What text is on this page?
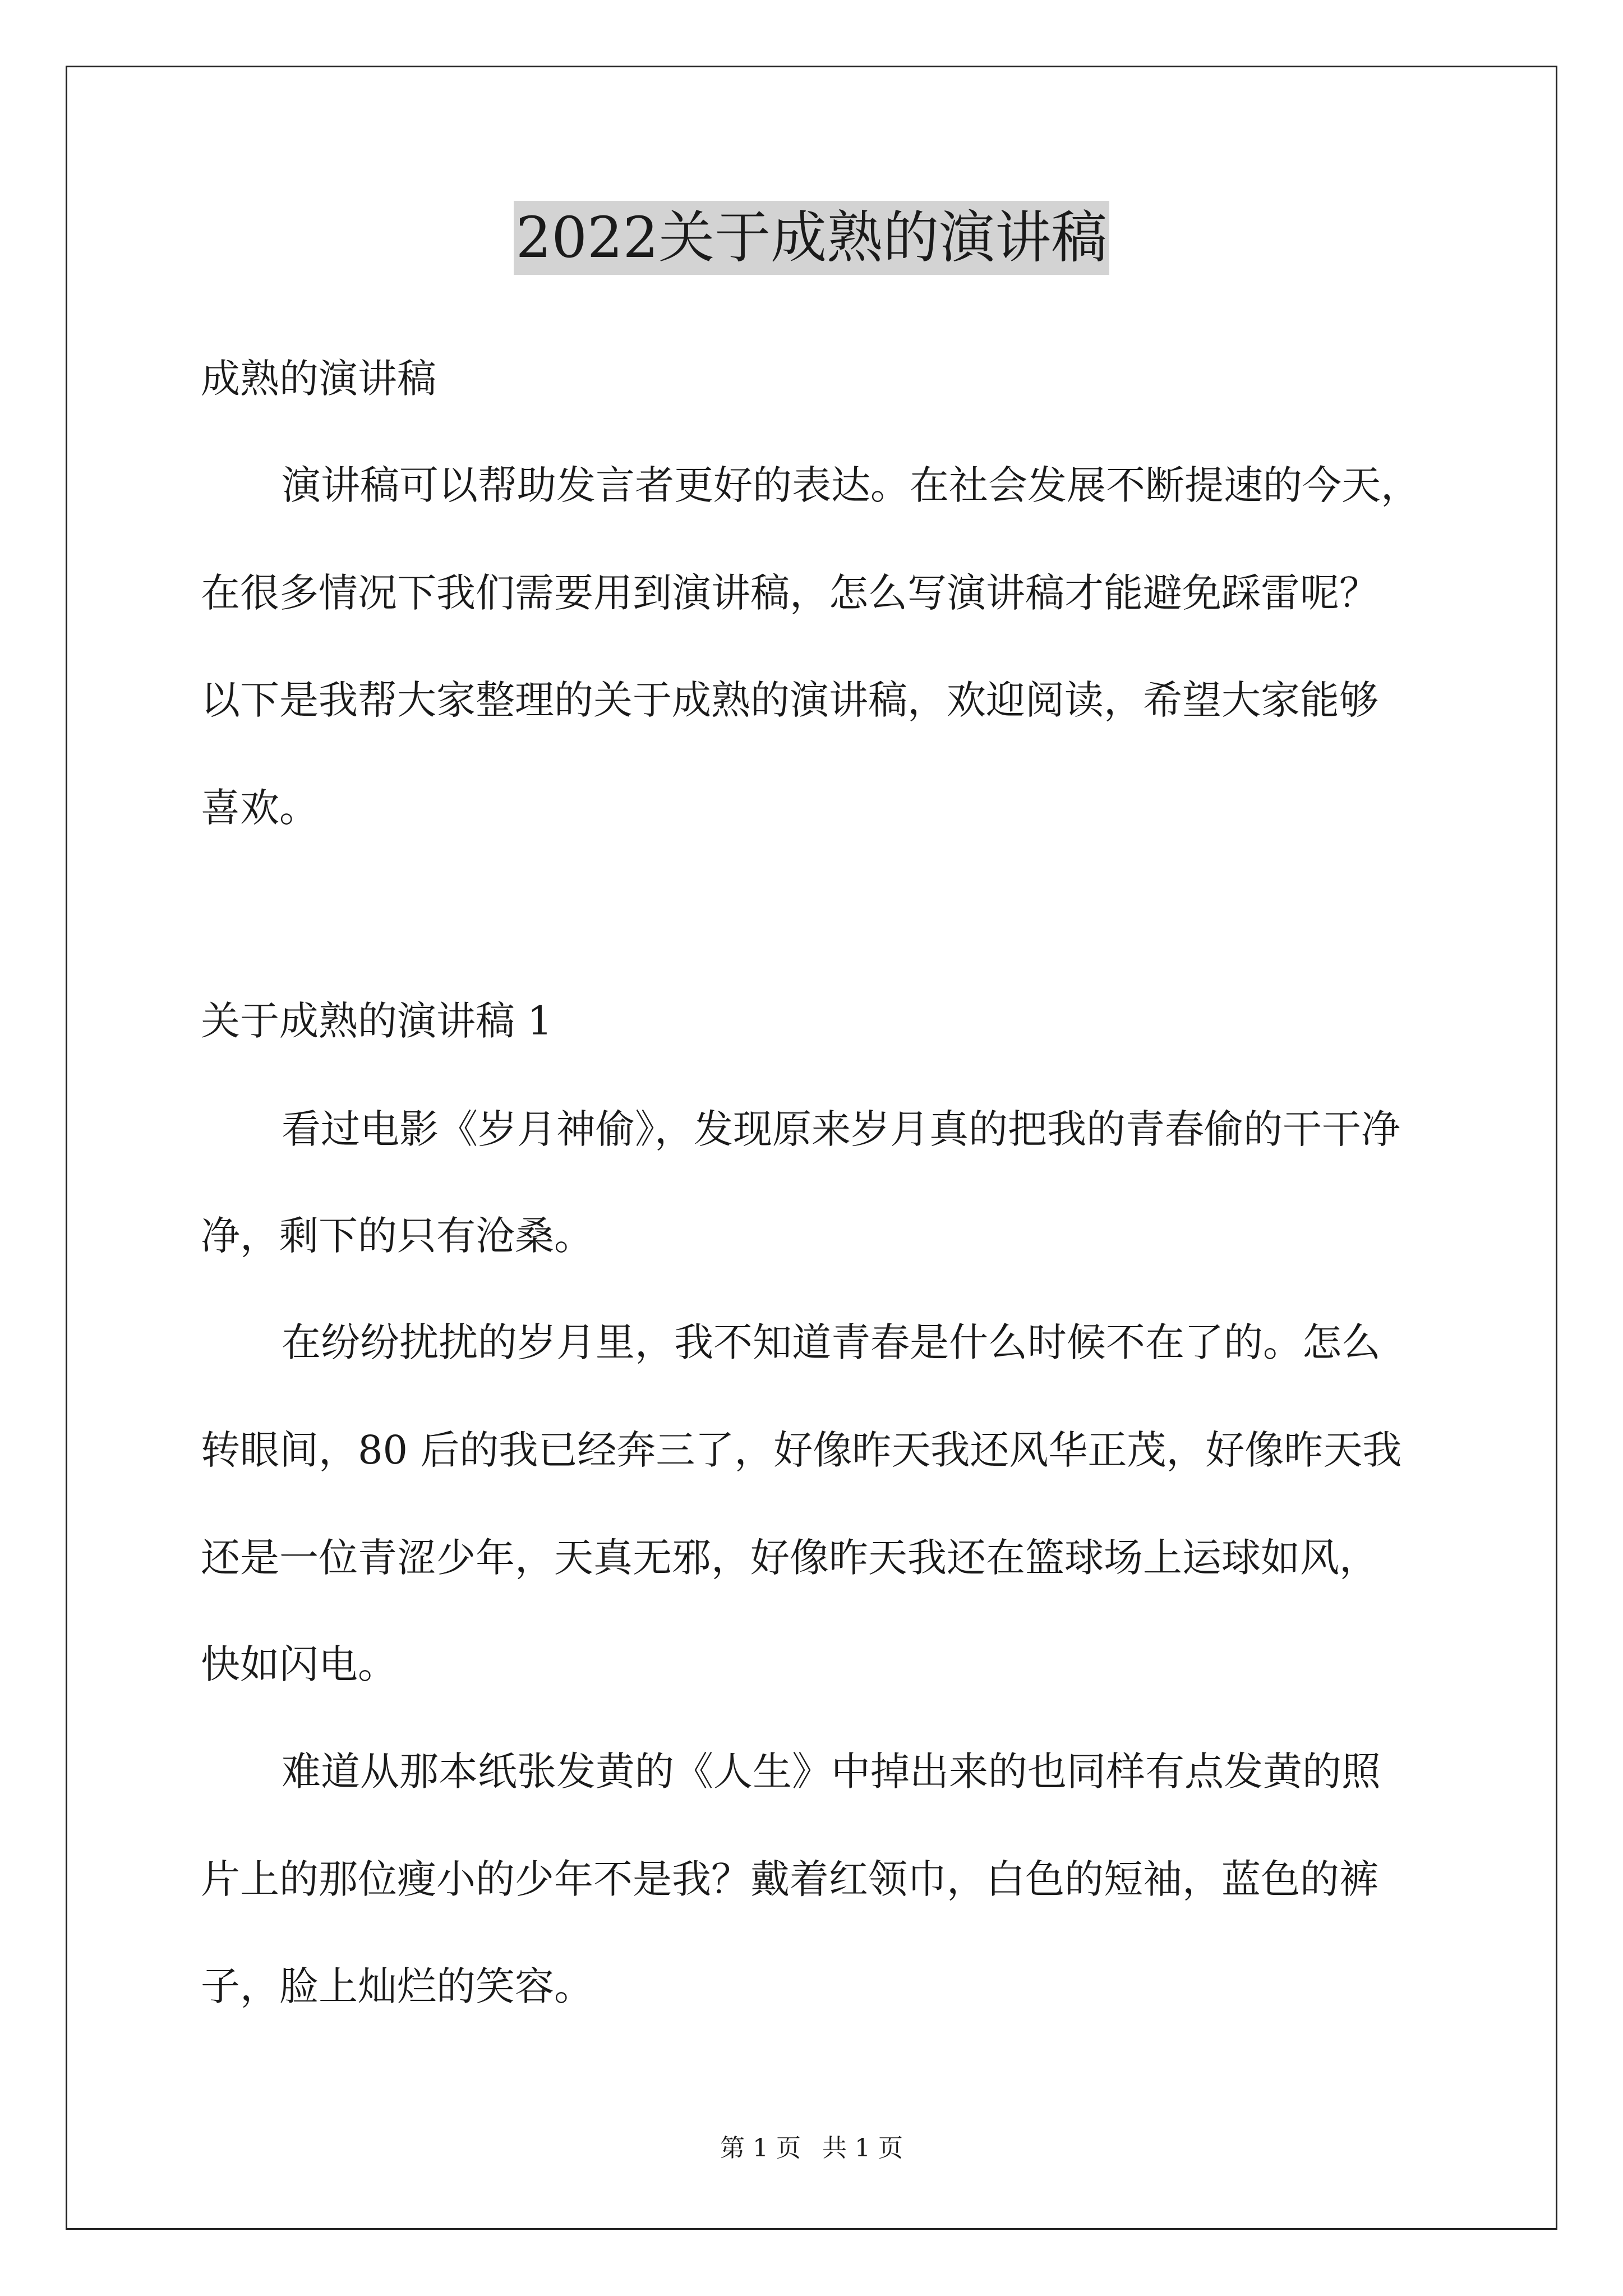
2022关于成熟的演讲稿
成熟的演讲稿
演讲稿可以帮助发言者更好的表达。在社会发展不断提速的今天，
在很多情况下我们需要用到演讲稿，怎么写演讲稿才能避免踩雷呢？
以下是我帮大家整理的关于成熟的演讲稿，欢迎阅读，希望大家能够
喜欢。
关于成熟的演讲稿 1
看过电影《岁月神偷》，发现原来岁月真的把我的青春偷的干干净
净，剩下的只有沧桑。
在纷纷扰扰的岁月里，我不知道青春是什么时候不在了的。怎么
转眼间，80 后的我已经奔三了，好像昨天我还风华正茂，好像昨天我
还是一位青涩少年，天真无邪，好像昨天我还在篮球场上运球如风，
快如闪电。
难道从那本纸张发黄的《人生》中掉出来的也同样有点发黄的照
片上的那位瘦小的少年不是我？戴着红领巾，白色的短袖，蓝色的裤
子，脸上灿烂的笑容。
第 1 页 共 1 页
